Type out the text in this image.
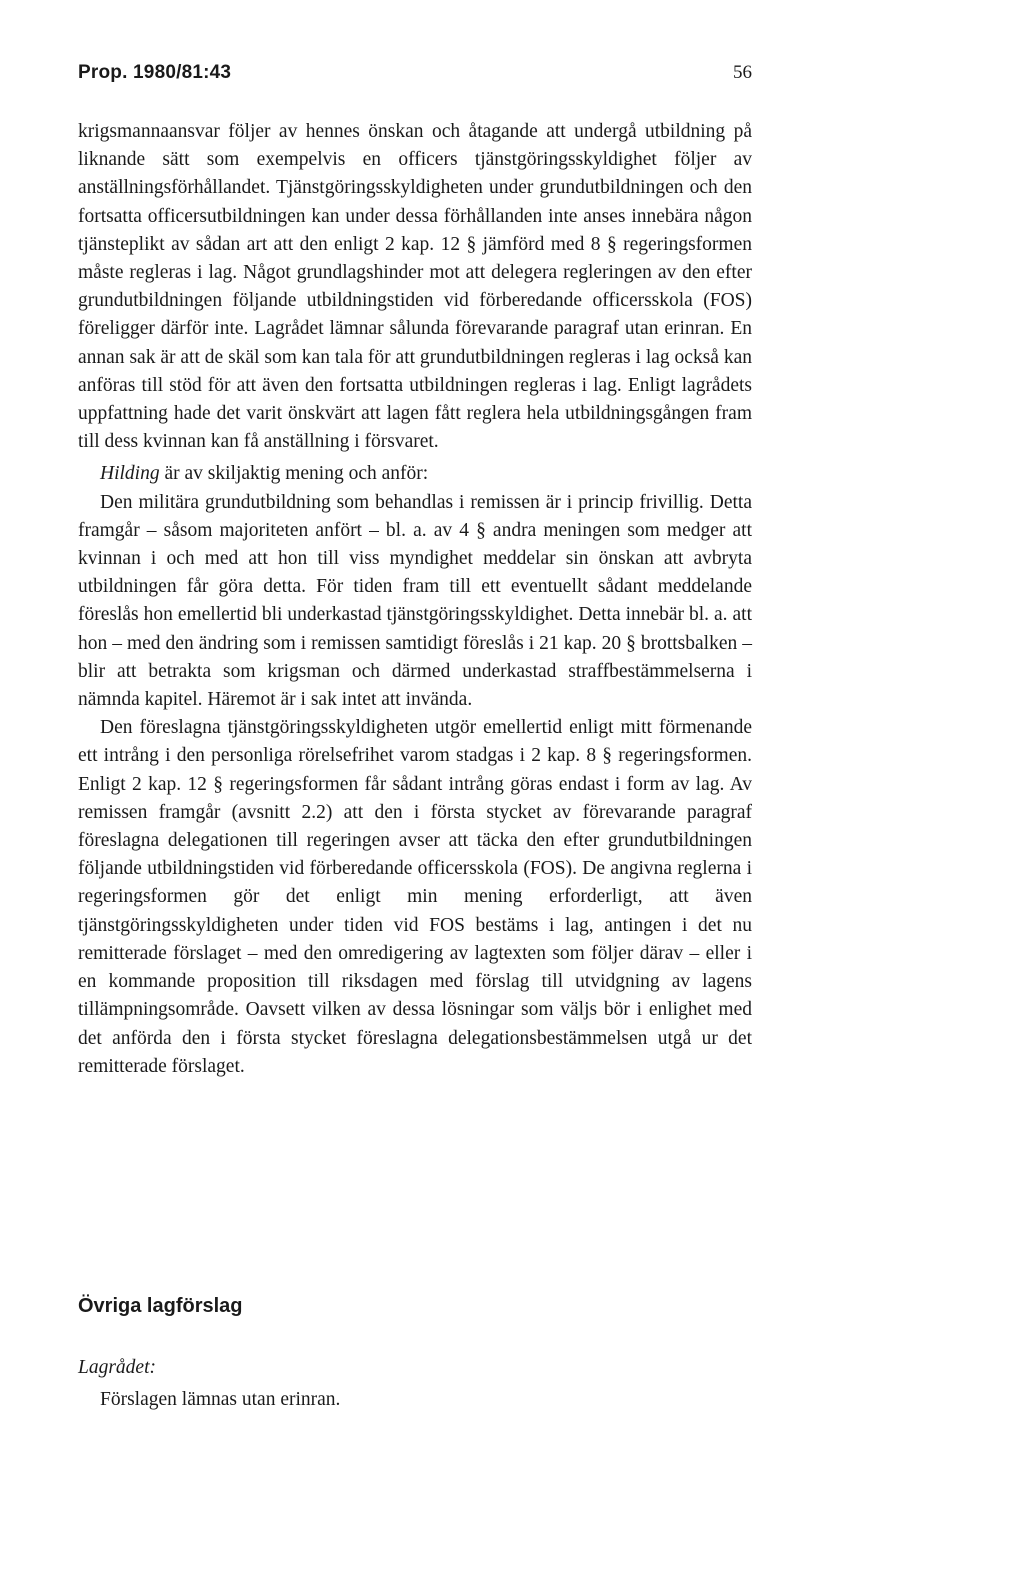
Prop. 1980/81:43	56

krigsmannaansvar följer av hennes önskan och åtagande att undergå utbildning på liknande sätt som exempelvis en officers tjänstgöringsskyldighet följer av anställningsförhållandet. Tjänstgöringsskyldigheten under grundutbildningen och den fortsatta officersutbildningen kan under dessa förhållanden inte anses innebära någon tjänsteplikt av sådan art att den enligt 2 kap. 12 § jämförd med 8 § regeringsformen måste regleras i lag. Något grundlagshinder mot att delegera regleringen av den efter grundutbildningen följande utbildningstiden vid förberedande officersskola (FOS) föreligger därför inte. Lagrådet lämnar sålunda förevarande paragraf utan erinran. En annan sak är att de skäl som kan tala för att grundutbildningen regleras i lag också kan anföras till stöd för att även den fortsatta utbildningen regleras i lag. Enligt lagrådets uppfattning hade det varit önskvärt att lagen fått reglera hela utbildningsgången fram till dess kvinnan kan få anställning i försvaret.

Hilding är av skiljaktig mening och anför:

Den militära grundutbildning som behandlas i remissen är i princip frivillig. Detta framgår – såsom majoriteten anfört – bl. a. av 4 § andra meningen som medger att kvinnan i och med att hon till viss myndighet meddelar sin önskan att avbryta utbildningen får göra detta. För tiden fram till ett eventuellt sådant meddelande föreslås hon emellertid bli underkastad tjänstgöringsskyldighet. Detta innebär bl. a. att hon – med den ändring som i remissen samtidigt föreslås i 21 kap. 20 § brottsbalken – blir att betrakta som krigsman och därmed underkastad straffbestämmelserna i nämnda kapitel. Häremot är i sak intet att invända.

Den föreslagna tjänstgöringsskyldigheten utgör emellertid enligt mitt förmenande ett intrång i den personliga rörelsefrihet varom stadgas i 2 kap. 8 § regeringsformen. Enligt 2 kap. 12 § regeringsformen får sådant intrång göras endast i form av lag. Av remissen framgår (avsnitt 2.2) att den i första stycket av förevarande paragraf föreslagna delegationen till regeringen avser att täcka den efter grundutbildningen följande utbildningstiden vid förberedande officersskola (FOS). De angivna reglerna i regeringsformen gör det enligt min mening erforderligt, att även tjänstgöringsskyldigheten under tiden vid FOS bestäms i lag, antingen i det nu remitterade förslaget – med den omredigering av lagtexten som följer därav – eller i en kommande proposition till riksdagen med förslag till utvidgning av lagens tillämpningsområde. Oavsett vilken av dessa lösningar som väljs bör i enlighet med det anförda den i första stycket föreslagna delegationsbestämmelsen utgå ur det remitterade förslaget.

Övriga lagförslag

Lagrådet:

Förslagen lämnas utan erinran.
